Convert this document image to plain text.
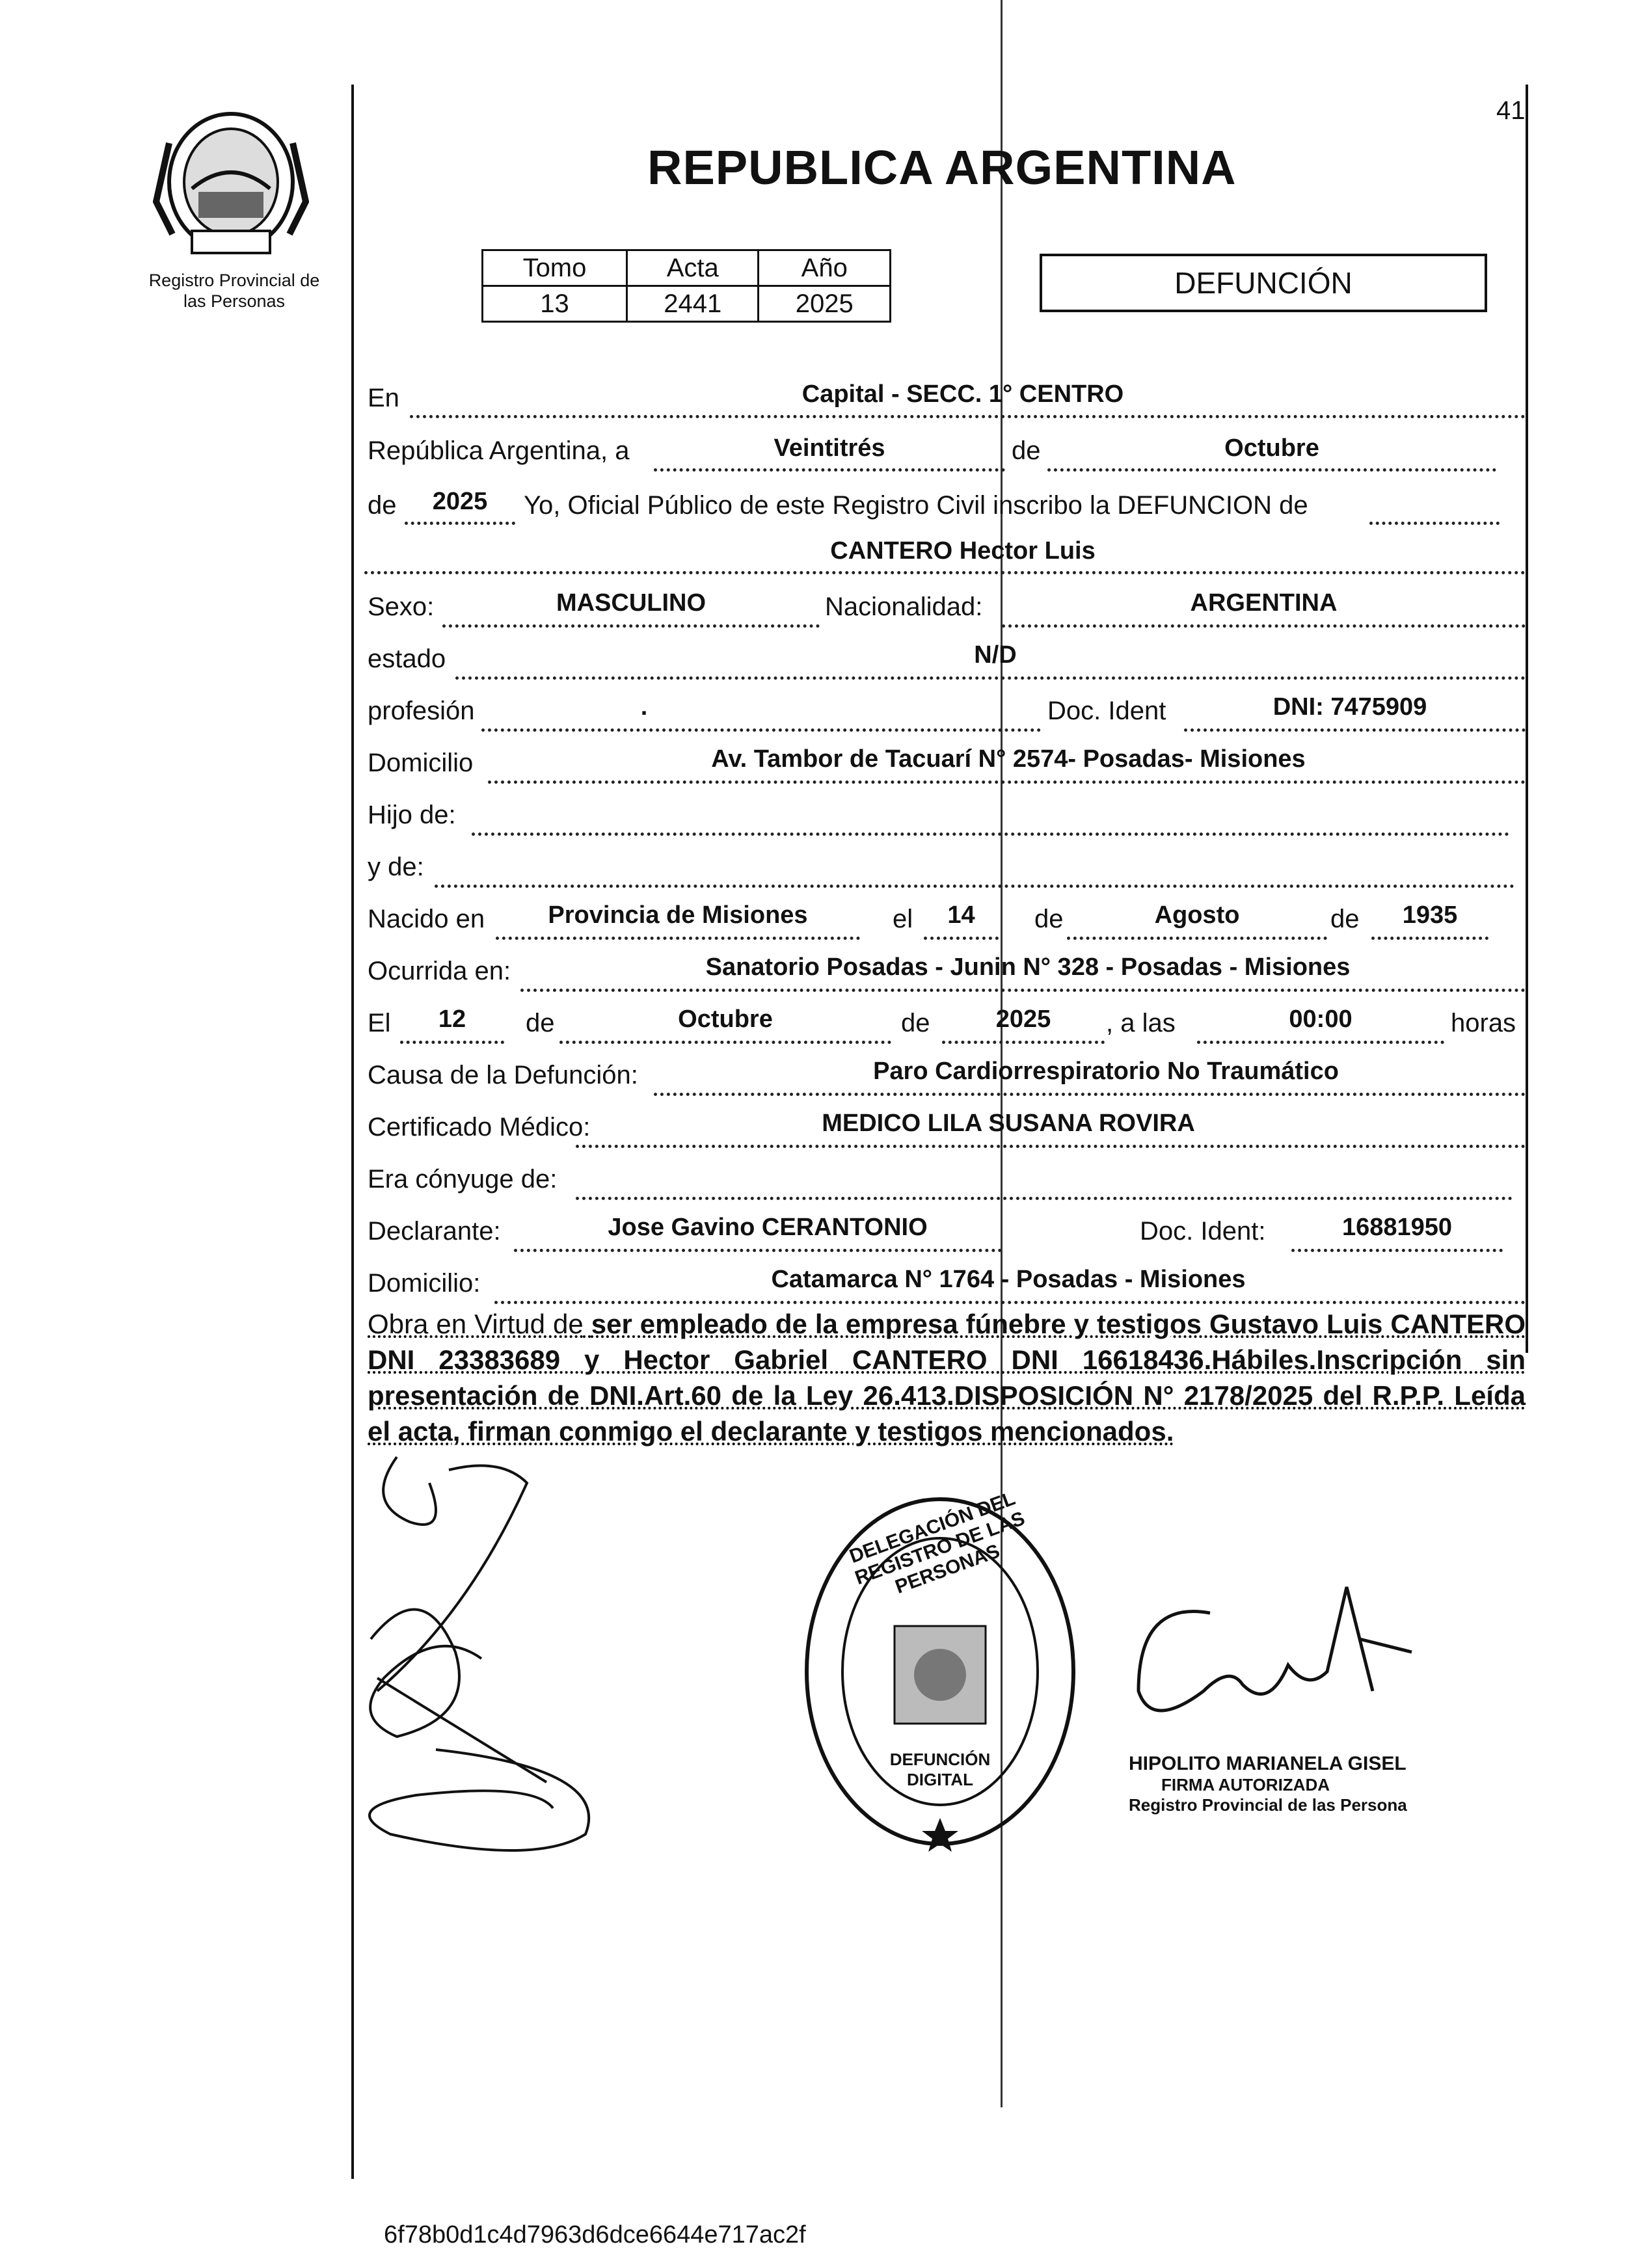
Registro Provincial de
las Personas
41
REPUBLICA ARGENTINA
Tomo	Acta	Año
13	2441	2025
DEFUNCIÓN
En	Capital - SECC. 1° CENTRO
República Argentina, a	Veintitrés	de	Octubre
de	2025	Yo, Oficial Público de este Registro Civil inscribo la DEFUNCION de
CANTERO Hector Luis
Sexo:	MASCULINO	Nacionalidad:	ARGENTINA
estado	N/D
profesión	.	Doc. Ident	DNI: 7475909
Domicilio	Av. Tambor de Tacuarí N° 2574- Posadas- Misiones
Hijo de:
y de:
Nacido en	Provincia de Misiones	el	14	de	Agosto	de	1935
Ocurrida en:	Sanatorio Posadas - Junin N° 328 - Posadas - Misiones
El	12	de	Octubre	de	2025	, a las	00:00	horas
Causa de la Defunción:	Paro Cardiorrespiratorio No Traumático
Certificado Médico:	MEDICO LILA SUSANA ROVIRA
Era cónyuge de:
Declarante:	Jose Gavino CERANTONIO	Doc. Ident:	16881950
Domicilio:	Catamarca N° 1764 - Posadas - Misiones
Obra en Virtud de ser empleado de la empresa fúnebre y testigos Gustavo Luis CANTERO DNI 23383689 y Hector Gabriel CANTERO DNI 16618436.Hábiles.Inscripción sin presentación de DNI.Art.60 de la Ley 26.413.DISPOSICIÓN N° 2178/2025 del R.P.P. Leída el acta, firman conmigo el declarante y testigos mencionados.
DELEGACIÓN DEL REGISTRO DE LAS PERSONAS
DEFUNCIÓN DIGITAL
HIPOLITO MARIANELA GISEL
FIRMA AUTORIZADA
Registro Provincial de las Persona
6f78b0d1c4d7963d6dce6644e717ac2f
